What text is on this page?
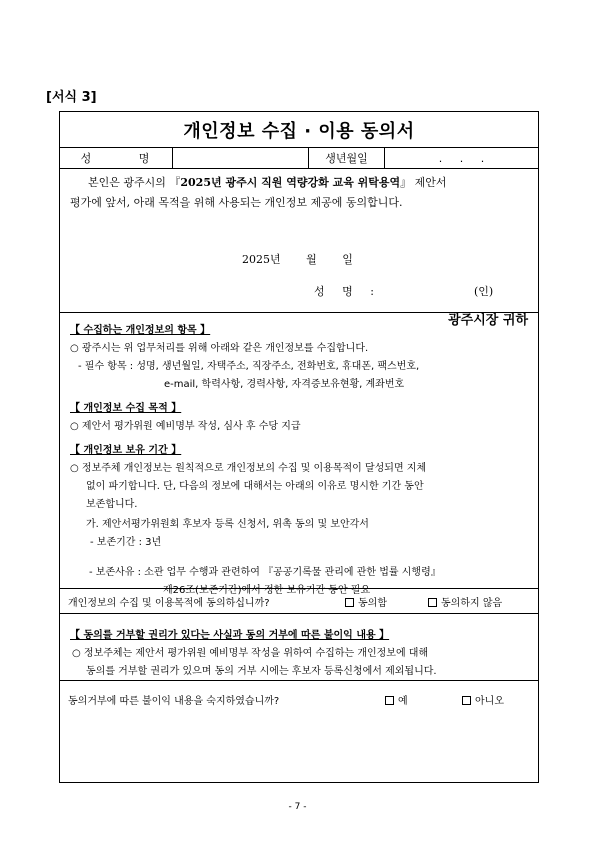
[서식 3]
개인정보 수집 · 이용 동의서
성 명	생년월일	. . .
본인은 광주시의 『2025년 광주시 직원 역량강화 교육 위탁용역』 제안서
평가에 앞서, 아래 목적을 위해 사용되는 개인정보 제공에 동의합니다.
2025년 월 일
성 명 :	(인)
광주시장 귀하
【 수집하는 개인정보의 항목 】
○ 광주시는 위 업무처리를 위해 아래와 같은 개인정보를 수집합니다.
- 필수 항목 : 성명, 생년월일, 자택주소, 직장주소, 전화번호, 휴대폰, 팩스번호,
e-mail, 학력사항, 경력사항, 자격증보유현황, 계좌번호
【 개인정보 수집 목적 】
○ 제안서 평가위원 예비명부 작성, 심사 후 수당 지급
【 개인정보 보유 기간 】
○ 정보주체 개인정보는 원칙적으로 개인정보의 수집 및 이용목적이 달성되면 지체
없이 파기합니다. 단, 다음의 정보에 대해서는 아래의 이유로 명시한 기간 동안
보존합니다.
가. 제안서평가위원회 후보자 등록 신청서, 위촉 동의 및 보안각서
- 보존기간 : 3년
개인정보의 수집 및 이용목적에 동의하십니까?	동의함	동의하지 않음
【 동의를 거부할 권리가 있다는 사실과 동의 거부에 따른 불이익 내용 】
○ 정보주체는 제안서 평가위원 예비명부 작성을 위하여 수집하는 개인정보에 대해
동의를 거부할 권리가 있으며 동의 거부 시에는 후보자 등록신청에서 제외됩니다.
동의거부에 따른 불이익 내용을 숙지하였습니까?	예	아니오
- 보존사유 : 소관 업무 수행과 관련하여 『공공기록물 관리에 관한 법률 시행령』
제26조(보존기간)에서 정한 보유기간 동안 필요
- 7 -
